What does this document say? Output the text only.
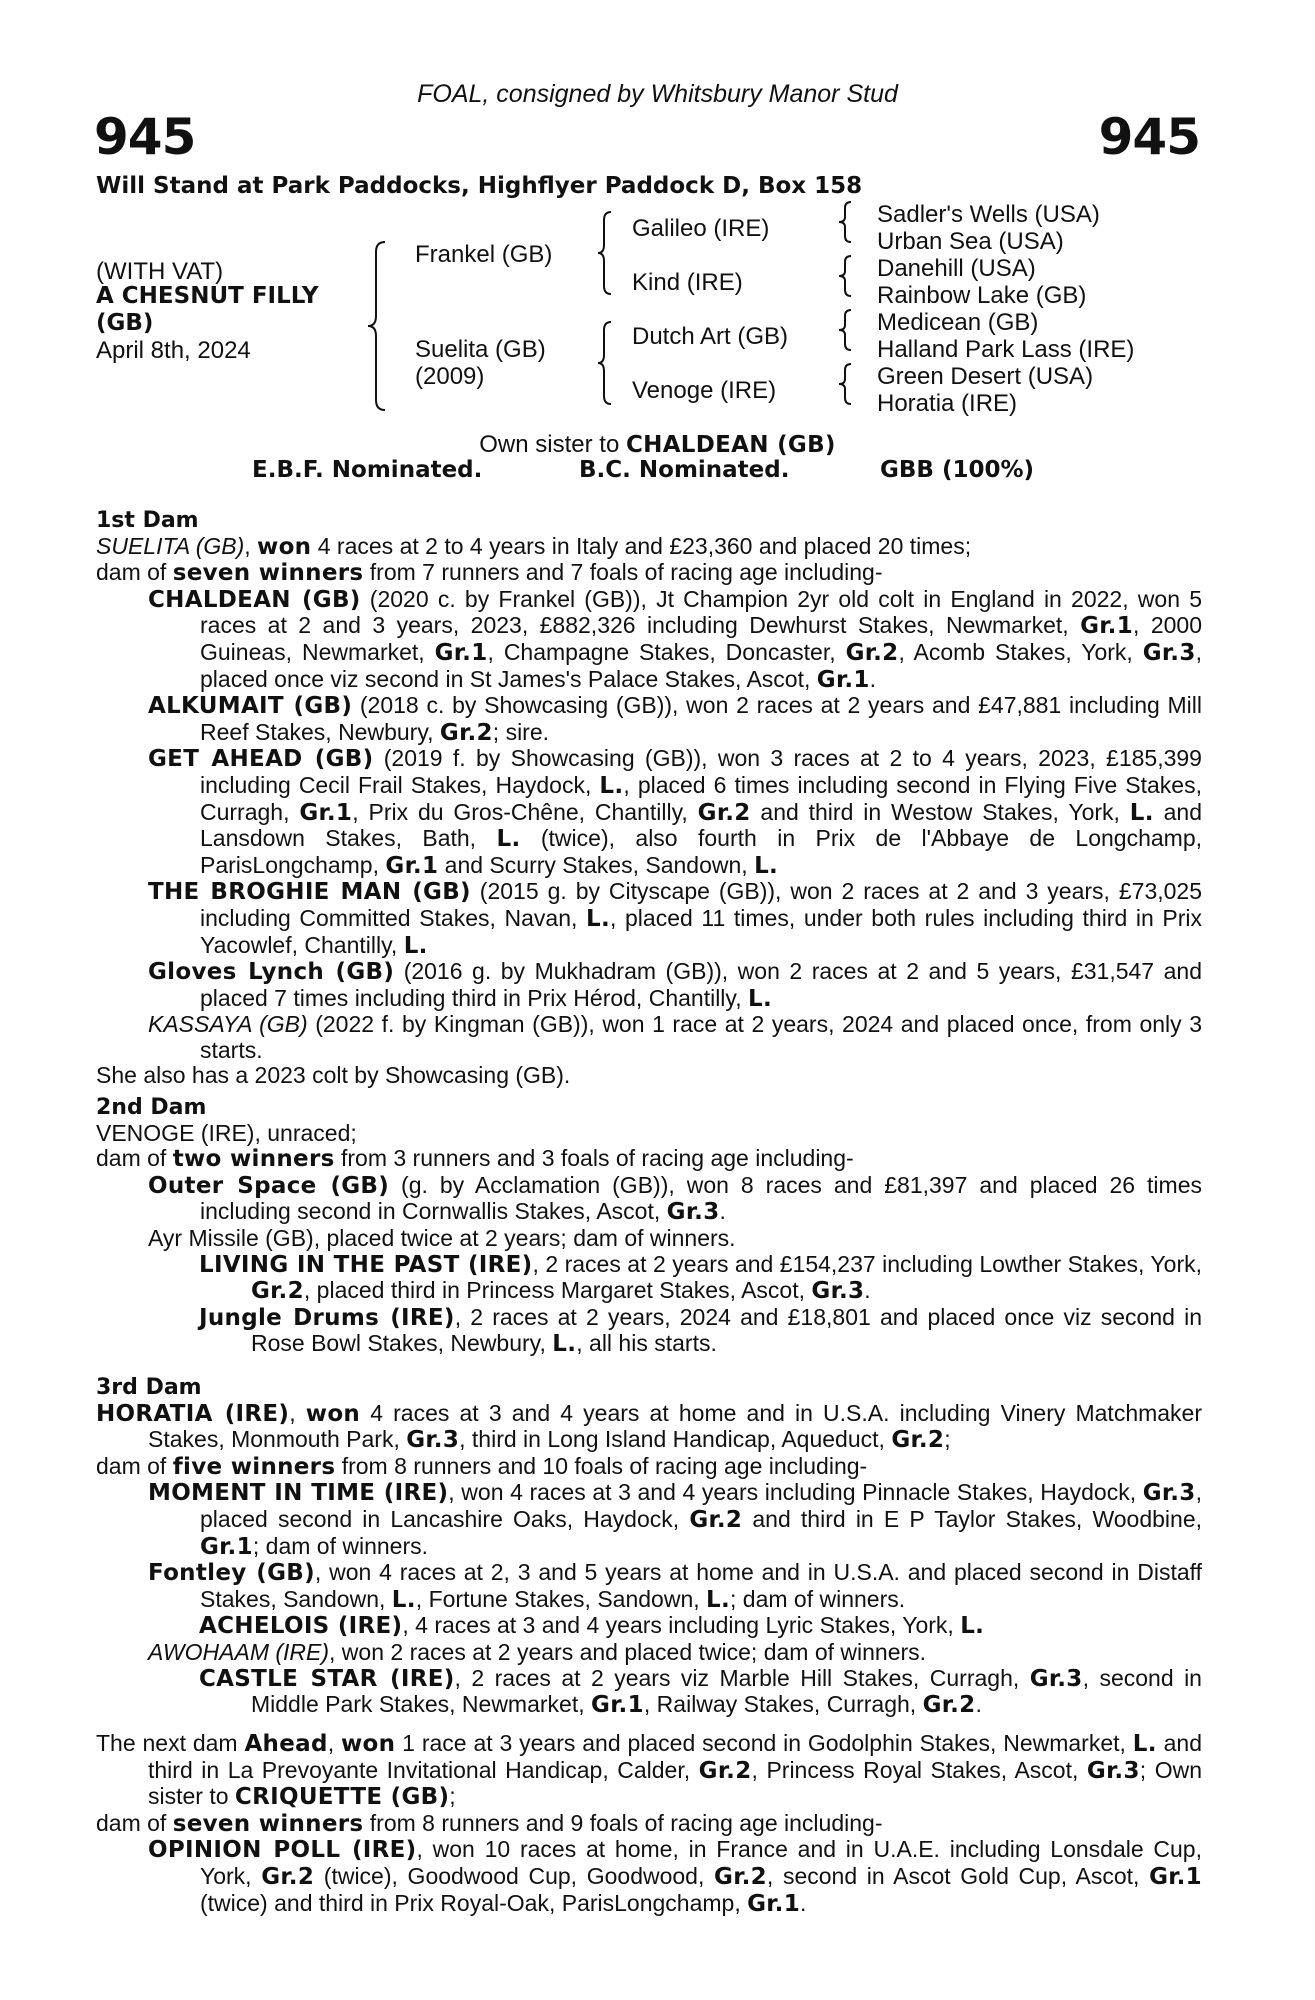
FOAL, consigned by Whitsbury Manor Stud
945	945
Will Stand at Park Paddocks, Highflyer Paddock D, Box 158
(WITH VAT)
A CHESNUT FILLY
(GB)
April 8th, 2024
Frankel (GB)
Suelita (GB)
(2009)
Galileo (IRE)
Kind (IRE)
Dutch Art (GB)
Venoge (IRE)
Sadler's Wells (USA)
Urban Sea (USA)
Danehill (USA)
Rainbow Lake (GB)
Medicean (GB)
Halland Park Lass (IRE)
Green Desert (USA)
Horatia (IRE)
Own sister to CHALDEAN (GB)
E.B.F. Nominated.	B.C. Nominated.	GBB (100%)

1st Dam

SUELITA (GB), won 4 races at 2 to 4 years in Italy and £23,360 and placed 20 times;

dam of seven winners from 7 runners and 7 foals of racing age including-

CHALDEAN (GB) (2020 c. by Frankel (GB)), Jt Champion 2yr old colt in England in 2022, won 5 races at 2 and 3 years, 2023, £882,326 including Dewhurst Stakes, Newmarket, Gr.1, 2000 Guineas, Newmarket, Gr.1, Champagne Stakes, Doncaster, Gr.2, Acomb Stakes, York, Gr.3, placed once viz second in St James's Palace Stakes, Ascot, Gr.1.

ALKUMAIT (GB) (2018 c. by Showcasing (GB)), won 2 races at 2 years and £47,881 including Mill Reef Stakes, Newbury, Gr.2; sire.

GET AHEAD (GB) (2019 f. by Showcasing (GB)), won 3 races at 2 to 4 years, 2023, £185,399 including Cecil Frail Stakes, Haydock, L., placed 6 times including second in Flying Five Stakes, Curragh, Gr.1, Prix du Gros-Chêne, Chantilly, Gr.2 and third in Westow Stakes, York, L. and Lansdown Stakes, Bath, L. (twice), also fourth in Prix de l'Abbaye de Longchamp, ParisLongchamp, Gr.1 and Scurry Stakes, Sandown, L.

THE BROGHIE MAN (GB) (2015 g. by Cityscape (GB)), won 2 races at 2 and 3 years, £73,025 including Committed Stakes, Navan, L., placed 11 times, under both rules including third in Prix Yacowlef, Chantilly, L.

Gloves Lynch (GB) (2016 g. by Mukhadram (GB)), won 2 races at 2 and 5 years, £31,547 and placed 7 times including third in Prix Hérod, Chantilly, L.

KASSAYA (GB) (2022 f. by Kingman (GB)), won 1 race at 2 years, 2024 and placed once, from only 3 starts.

She also has a 2023 colt by Showcasing (GB).

2nd Dam

VENOGE (IRE), unraced;

dam of two winners from 3 runners and 3 foals of racing age including-

Outer Space (GB) (g. by Acclamation (GB)), won 8 races and £81,397 and placed 26 times including second in Cornwallis Stakes, Ascot, Gr.3.

Ayr Missile (GB), placed twice at 2 years; dam of winners.

LIVING IN THE PAST (IRE), 2 races at 2 years and £154,237 including Lowther Stakes, York, Gr.2, placed third in Princess Margaret Stakes, Ascot, Gr.3.

Jungle Drums (IRE), 2 races at 2 years, 2024 and £18,801 and placed once viz second in Rose Bowl Stakes, Newbury, L., all his starts.

3rd Dam

HORATIA (IRE), won 4 races at 3 and 4 years at home and in U.S.A. including Vinery Matchmaker Stakes, Monmouth Park, Gr.3, third in Long Island Handicap, Aqueduct, Gr.2;

dam of five winners from 8 runners and 10 foals of racing age including-

MOMENT IN TIME (IRE), won 4 races at 3 and 4 years including Pinnacle Stakes, Haydock, Gr.3, placed second in Lancashire Oaks, Haydock, Gr.2 and third in E P Taylor Stakes, Woodbine, Gr.1; dam of winners.

Fontley (GB), won 4 races at 2, 3 and 5 years at home and in U.S.A. and placed second in Distaff Stakes, Sandown, L., Fortune Stakes, Sandown, L.; dam of winners.

ACHELOIS (IRE), 4 races at 3 and 4 years including Lyric Stakes, York, L.

AWOHAAM (IRE), won 2 races at 2 years and placed twice; dam of winners.

CASTLE STAR (IRE), 2 races at 2 years viz Marble Hill Stakes, Curragh, Gr.3, second in Middle Park Stakes, Newmarket, Gr.1, Railway Stakes, Curragh, Gr.2.

The next dam Ahead, won 1 race at 3 years and placed second in Godolphin Stakes, Newmarket, L. and third in La Prevoyante Invitational Handicap, Calder, Gr.2, Princess Royal Stakes, Ascot, Gr.3; Own sister to CRIQUETTE (GB);

dam of seven winners from 8 runners and 9 foals of racing age including-

OPINION POLL (IRE), won 10 races at home, in France and in U.A.E. including Lonsdale Cup, York, Gr.2 (twice), Goodwood Cup, Goodwood, Gr.2, second in Ascot Gold Cup, Ascot, Gr.1 (twice) and third in Prix Royal-Oak, ParisLongchamp, Gr.1.
